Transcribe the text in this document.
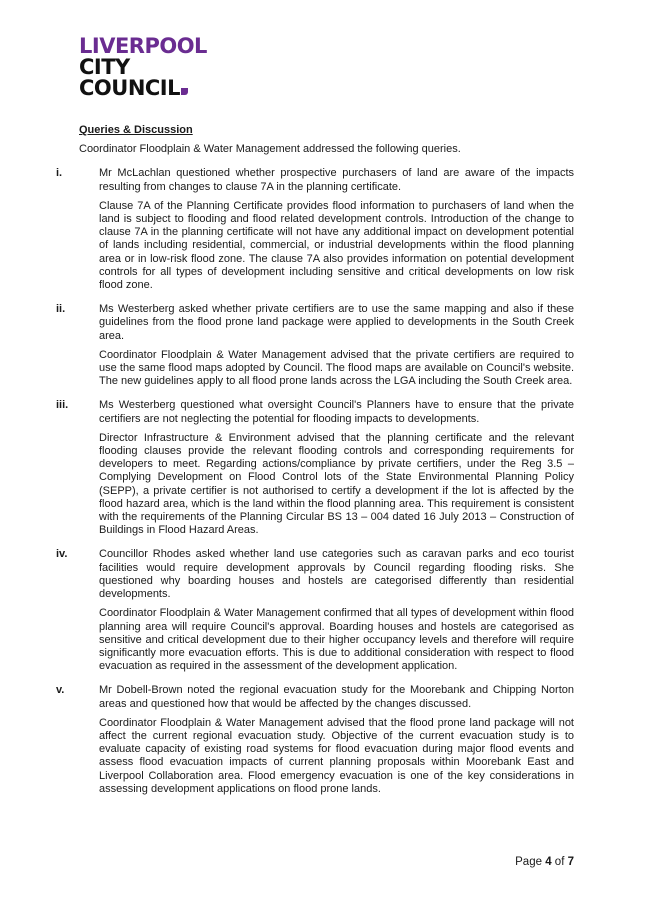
LIVERPOOL
CITY
COUNCIL
Queries & Discussion

Coordinator Floodplain & Water Management addressed the following queries.

i.	Mr McLachlan questioned whether prospective purchasers of land are aware of the impacts resulting from changes to clause 7A in the planning certificate.

Clause 7A of the Planning Certificate provides flood information to purchasers of land when the land is subject to flooding and flood related development controls. Introduction of the change to clause 7A in the planning certificate will not have any additional impact on development potential of lands including residential, commercial, or industrial developments within the flood planning area or in low-risk flood zone. The clause 7A also provides information on potential development controls for all types of development including sensitive and critical developments on low risk flood zone.

ii.	Ms Westerberg asked whether private certifiers are to use the same mapping and also if these guidelines from the flood prone land package were applied to developments in the South Creek area.

Coordinator Floodplain & Water Management advised that the private certifiers are required to use the same flood maps adopted by Council. The flood maps are available on Council's website. The new guidelines apply to all flood prone lands across the LGA including the South Creek area.

iii.	Ms Westerberg questioned what oversight Council's Planners have to ensure that the private certifiers are not neglecting the potential for flooding impacts to developments.

Director Infrastructure & Environment advised that the planning certificate and the relevant flooding clauses provide the relevant flooding controls and corresponding requirements for developers to meet. Regarding actions/compliance by private certifiers, under the Reg 3.5 – Complying Development on Flood Control lots of the State Environmental Planning Policy (SEPP), a private certifier is not authorised to certify a development if the lot is affected by the flood hazard area, which is the land within the flood planning area. This requirement is consistent with the requirements of the Planning Circular BS 13 – 004 dated 16 July 2013 – Construction of Buildings in Flood Hazard Areas.

iv.	Councillor Rhodes asked whether land use categories such as caravan parks and eco tourist facilities would require development approvals by Council regarding flooding risks. She questioned why boarding houses and hostels are categorised differently than residential developments.

Coordinator Floodplain & Water Management confirmed that all types of development within flood planning area will require Council's approval. Boarding houses and hostels are categorised as sensitive and critical development due to their higher occupancy levels and therefore will require significantly more evacuation efforts. This is due to additional consideration with respect to flood evacuation as required in the assessment of the development application.

v.	Mr Dobell-Brown noted the regional evacuation study for the Moorebank and Chipping Norton areas and questioned how that would be affected by the changes discussed.

Coordinator Floodplain & Water Management advised that the flood prone land package will not affect the current regional evacuation study. Objective of the current evacuation study is to evaluate capacity of existing road systems for flood evacuation during major flood events and assess flood evacuation impacts of current planning proposals within Moorebank East and Liverpool Collaboration area. Flood emergency evacuation is one of the key considerations in assessing development applications on flood prone lands.

Page 4 of 7
